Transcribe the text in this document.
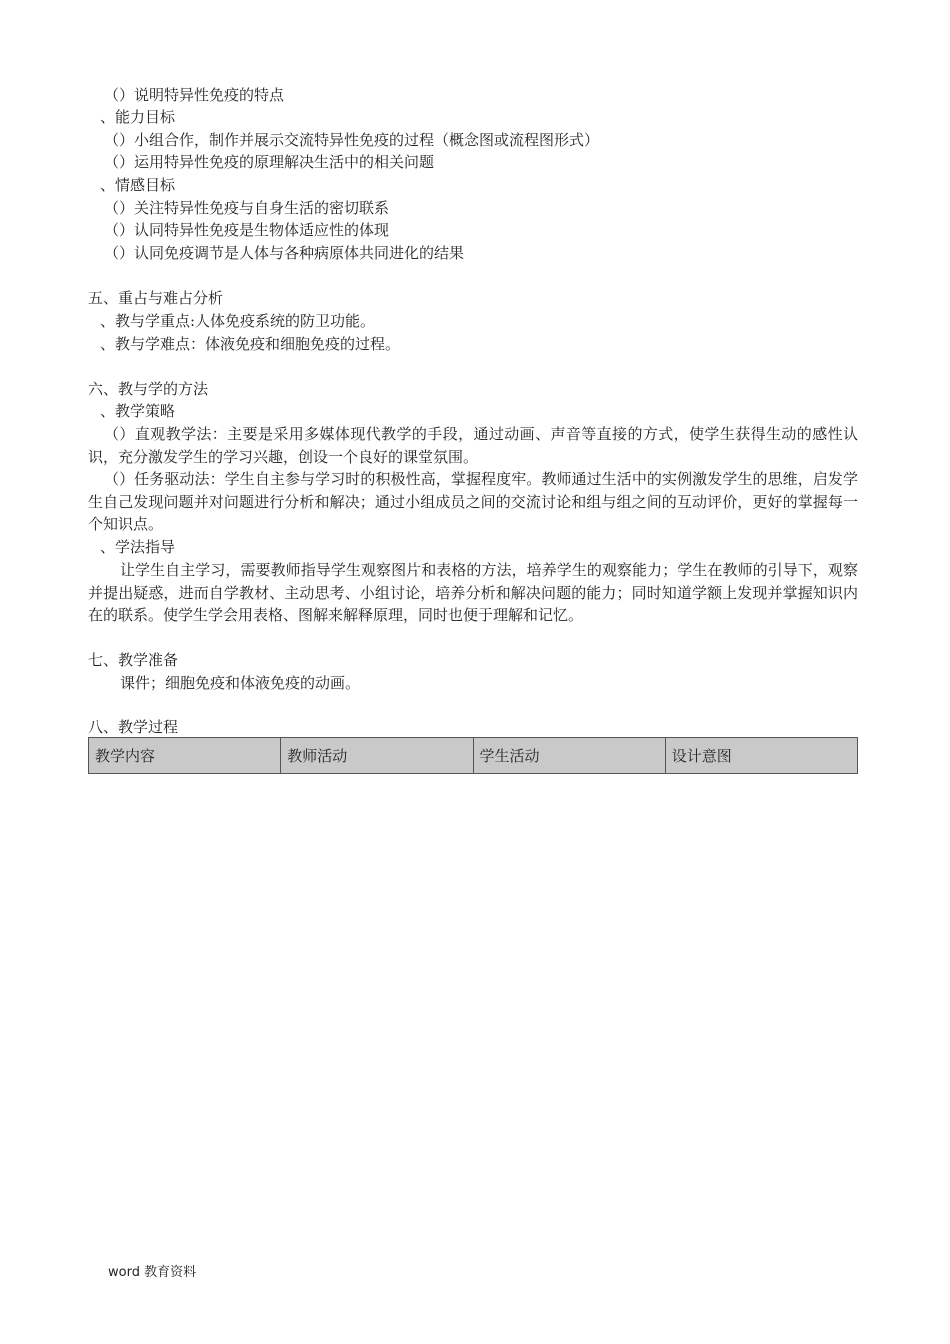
（）说明特异性免疫的特点
、能力目标
（）小组合作，制作并展示交流特异性免疫的过程（概念图或流程图形式）
（）运用特异性免疫的原理解决生活中的相关问题
、情感目标
（）关注特异性免疫与自身生活的密切联系
（）认同特异性免疫是生物体适应性的体现
（）认同免疫调节是人体与各种病原体共同进化的结果
五、重占与难占分析
、教与学重点:人体免疫系统的防卫功能。
、教与学难点：体液免疫和细胞免疫的过程。
六、教与学的方法
、教学策略
（）直观教学法：主要是采用多媒体现代教学的手段，通过动画、声音等直接的方式，使学生获得生动的感性认识，充分激发学生的学习兴趣，创设一个良好的课堂氛围。
（）任务驱动法：学生自主参与学习时的积极性高，掌握程度牢。教师通过生活中的实例激发学生的思维，启发学生自己发现问题并对问题进行分析和解决；通过小组成员之间的交流讨论和组与组之间的互动评价，更好的掌握每一个知识点。
、学法指导
让学生自主学习，需要教师指导学生观察图片和表格的方法，培养学生的观察能力；学生在教师的引导下，观察并提出疑惑，进而自学教材、主动思考、小组讨论，培养分析和解决问题的能力；同时知道学额上发现并掌握知识内在的联系。使学生学会用表格、图解来解释原理，同时也便于理解和记忆。
七、教学准备
课件；细胞免疫和体液免疫的动画。
八、教学过程
教学内容	教师活动	学生活动	设计意图
word 教育资料
